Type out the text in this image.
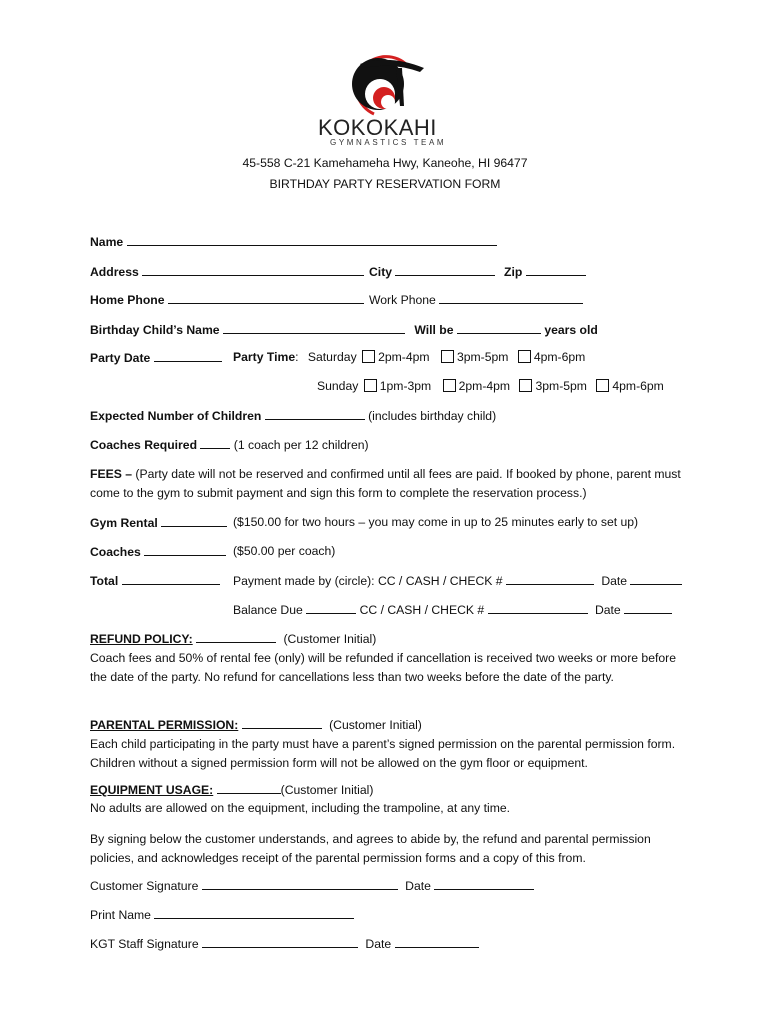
KOKOKAHI
GYMNASTICS TEAM
45-558 C-21 Kamehameha Hwy, Kaneohe, HI 96477
BIRTHDAY PARTY RESERVATION FORM
Name
Address	City	Zip
Home Phone	Work Phone
Birthday Child’s Name	Will be	years old
Party Date	Party Time: Saturday 2pm-4pm 3pm-5pm 4pm-6pm
Sunday 1pm-3pm 2pm-4pm 3pm-5pm 4pm-6pm
Expected Number of Children	(includes birthday child)
Coaches Required	(1 coach per 12 children)
FEES – (Party date will not be reserved and confirmed until all fees are paid. If booked by phone, parent must come to the gym to submit payment and sign this form to complete the reservation process.)
Gym Rental	($150.00 for two hours – you may come in up to 25 minutes early to set up)
Coaches	($50.00 per coach)
Total	Payment made by (circle): CC / CASH / CHECK #	Date
Balance Due	CC / CASH / CHECK #	Date
REFUND POLICY:	(Customer Initial)
Coach fees and 50% of rental fee (only) will be refunded if cancellation is received two weeks or more before the date of the party. No refund for cancellations less than two weeks before the date of the party.
PARENTAL PERMISSION:	(Customer Initial)
Each child participating in the party must have a parent’s signed permission on the parental permission form. Children without a signed permission form will not be allowed on the gym floor or equipment.
EQUIPMENT USAGE:	(Customer Initial)
No adults are allowed on the equipment, including the trampoline, at any time.
By signing below the customer understands, and agrees to abide by, the refund and parental permission policies, and acknowledges receipt of the parental permission forms and a copy of this from.
Customer Signature	Date
Print Name
KGT Staff Signature	Date
